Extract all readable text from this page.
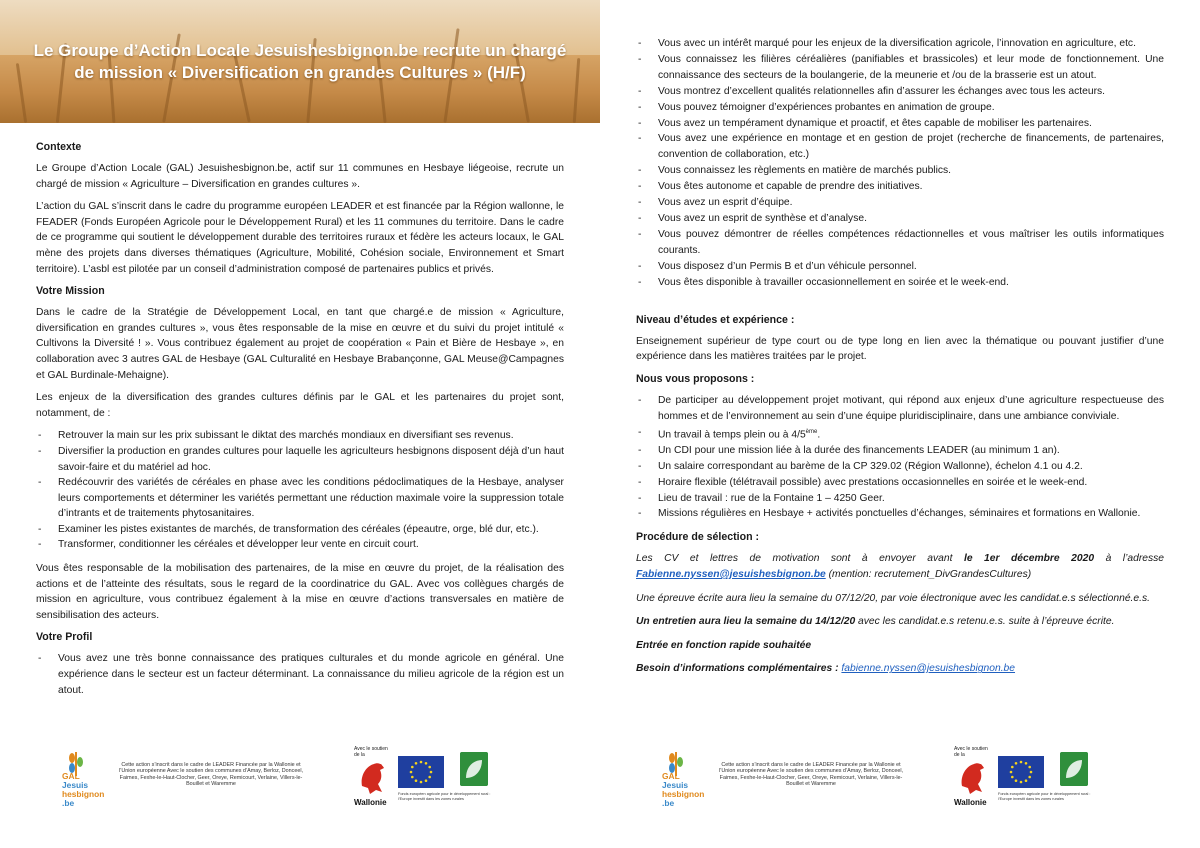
Le Groupe d’Action Locale Jesuishesbignon.be recrute un chargé de mission « Diversification en grandes Cultures » (H/F)
Contexte

Le Groupe d’Action Locale (GAL) Jesuishesbignon.be, actif sur 11 communes en Hesbaye liégeoise, recrute un chargé de mission « Agriculture – Diversification en grandes cultures ».

L’action du GAL s’inscrit dans le cadre du programme européen LEADER et est financée par la Région wallonne, le FEADER (Fonds Européen Agricole pour le Développement Rural) et les 11 communes du territoire. Dans le cadre de ce programme qui soutient le développement durable des territoires ruraux et fédère les acteurs locaux, le GAL mène des projets dans diverses thématiques (Agriculture, Mobilité, Cohésion sociale, Environnement et Smart territoire). L’asbl est pilotée par un conseil d’administration composé de partenaires publics et privés.

Votre Mission

Dans le cadre de la Stratégie de Développement Local, en tant que chargé.e de mission « Agriculture, diversification en grandes cultures », vous êtes responsable de la mise en œuvre et du suivi du projet intitulé « Cultivons la Diversité ! ». Vous contribuez également au projet de coopération « Pain et Bière de Hesbaye », en collaboration avec 3 autres GAL de Hesbaye (GAL Culturalité en Hesbaye Brabançonne, GAL Meuse@Campagnes et GAL Burdinale-Mehaigne).

Les enjeux de la diversification des grandes cultures définis par le GAL et les partenaires du projet sont, notamment, de :

- Retrouver la main sur les prix subissant le diktat des marchés mondiaux en diversifiant ses revenus.
- Diversifier la production en grandes cultures pour laquelle les agriculteurs hesbignons disposent déjà d’un haut savoir-faire et du matériel ad hoc.
- Redécouvrir des variétés de céréales en phase avec les conditions pédoclimatiques de la Hesbaye, analyser leurs comportements et déterminer les variétés permettant une réduction maximale voire la suppression totale d’intrants et de traitements phytosanitaires.
- Examiner les pistes existantes de marchés, de transformation des céréales (épeautre, orge, blé dur, etc.).
- Transformer, conditionner les céréales et développer leur vente en circuit court.

Vous êtes responsable de la mobilisation des partenaires, de la mise en œuvre du projet, de la réalisation des actions et de l’atteinte des résultats, sous le regard de la coordinatrice du GAL. Avec vos collègues chargés de mission en agriculture, vous contribuez également à la mise en œuvre d’actions transversales en matière de sensibilisation des acteurs.

Votre Profil
- Vous avez une très bonne connaissance des pratiques culturales et du monde agricole en général. Une expérience dans le secteur est un facteur déterminant. La connaissance du milieu agricole de la région est un atout.
GAL
Jesuis
hesbignon
.be
Cette action s’inscrit dans le cadre de LEADER Financée par la Wallonie et l’Union européenne Avec le soutien des communes d’Amay, Berloz, Donceel, Faimes, Fexhe-le-Haut-Clocher, Geer, Oreye, Remicourt, Verlaine, Villers-le-Bouillet et Waremme
Avec le soutien de la
Wallonie
Fonds européen agricole pour le développement rural : l’Europe investit dans les zones rurales
- Vous avec un intérêt marqué pour les enjeux de la diversification agricole, l’innovation en agriculture, etc.
- Vous connaissez les filières céréalières (panifiables et brassicoles) et leur mode de fonctionnement. Une connaissance des secteurs de la boulangerie, de la meunerie et /ou de la brasserie est un atout.
- Vous montrez d’excellent qualités relationnelles afin d’assurer les échanges avec tous les acteurs.
- Vous pouvez témoigner d’expériences probantes en animation de groupe.
- Vous avez un tempérament dynamique et proactif, et êtes capable de mobiliser les partenaires.
- Vous avez une expérience en montage et en gestion de projet (recherche de financements, de partenaires, convention de collaboration, etc.)
- Vous connaissez les règlements en matière de marchés publics.
- Vous êtes autonome et capable de prendre des initiatives.
- Vous avez un esprit d’équipe.
- Vous avez un esprit de synthèse et d’analyse.
- Vous pouvez démontrer de réelles compétences rédactionnelles et vous maîtriser les outils informatiques courants.
- Vous disposez d’un Permis B et d’un véhicule personnel.
- Vous êtes disponible à travailler occasionnellement en soirée et le week-end.
Niveau d’études et expérience :

Enseignement supérieur de type court ou de type long en lien avec la thématique ou pouvant justifier d’une expérience dans les matières traitées par le projet.

Nous vous proposons :
- De participer au développement projet motivant, qui répond aux enjeux d’une agriculture respectueuse des hommes et de l’environnement au sein d’une équipe pluridisciplinaire, dans une ambiance conviviale.
- Un travail à temps plein ou à 4/5ème.
- Un CDI pour une mission liée à la durée des financements LEADER (au minimum 1 an).
- Un salaire correspondant au barème de la CP 329.02 (Région Wallonne), échelon 4.1 ou 4.2.
- Horaire flexible (télétravail possible) avec prestations occasionnelles en soirée et le week-end.
- Lieu de travail : rue de la Fontaine 1 – 4250 Geer.
- Missions régulières en Hesbaye + activités ponctuelles d’échanges, séminaires et formations en Wallonie.
Procédure de sélection :

Les CV et lettres de motivation sont à envoyer avant le 1er décembre 2020 à l’adresse Fabienne.nyssen@jesuishesbignon.be (mention: recrutement_DivGrandesCultures)

Une épreuve écrite aura lieu la semaine du 07/12/20, par voie électronique avec les candidat.e.s sélectionné.e.s.

Un entretien aura lieu la semaine du 14/12/20 avec les candidat.e.s retenu.e.s. suite à l’épreuve écrite.

Entrée en fonction rapide souhaitée

Besoin d’informations complémentaires : fabienne.nyssen@jesuishesbignon.be

GAL
Jesuis
hesbignon
.be
Cette action s’inscrit dans le cadre de LEADER Financée par la Wallonie et l’Union européenne Avec le soutien des communes d’Amay, Berloz, Donceel, Faimes, Fexhe-le-Haut-Clocher, Geer, Oreye, Remicourt, Verlaine, Villers-le-Bouillet et Waremme
Avec le soutien de la
Wallonie
Fonds européen agricole pour le développement rural : l’Europe investit dans les zones rurales
